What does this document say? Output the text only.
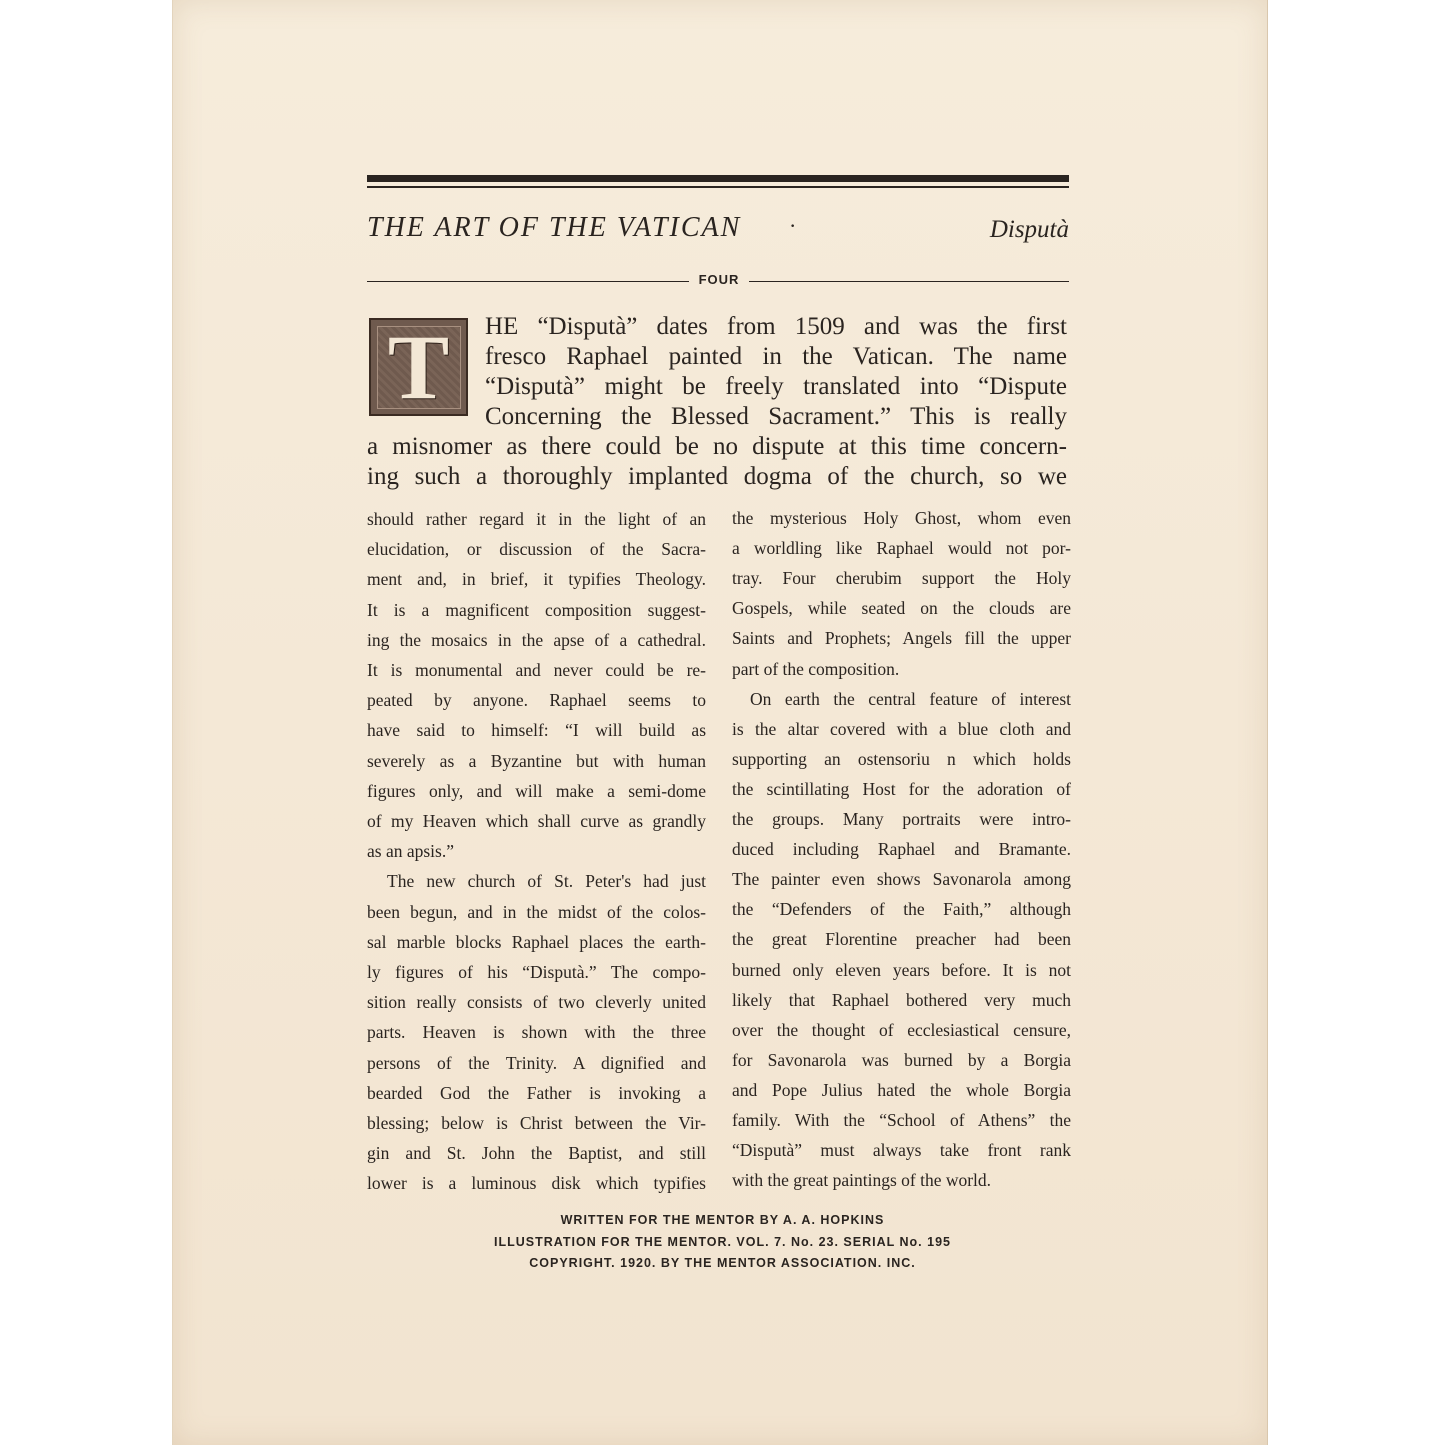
THE ART OF THE VATICAN ·	Disputà
FOUR
T HE “Disputà” dates from 1509 and was the first
fresco Raphael painted in the Vatican. The name
“Disputà” might be freely translated into “Dispute
Concerning the Blessed Sacrament.” This is really
a misnomer as there could be no dispute at this time concern-
ing such a thoroughly implanted dogma of the church, so we
should rather regard it in the light of an
elucidation, or discussion of the Sacra-
ment and, in brief, it typifies Theology.
It is a magnificent composition suggest-
ing the mosaics in the apse of a cathedral.
It is monumental and never could be re-
peated by anyone. Raphael seems to
have said to himself: “I will build as
severely as a Byzantine but with human
figures only, and will make a semi-dome
of my Heaven which shall curve as grandly
as an apsis.”
The new church of St. Peter's had just
been begun, and in the midst of the colos-
sal marble blocks Raphael places the earth-
ly figures of his “Disputà.” The compo-
sition really consists of two cleverly united
parts. Heaven is shown with the three
persons of the Trinity. A dignified and
bearded God the Father is invoking a
blessing; below is Christ between the Vir-
gin and St. John the Baptist, and still
lower is a luminous disk which typifies
the mysterious Holy Ghost, whom even
a worldling like Raphael would not por-
tray. Four cherubim support the Holy
Gospels, while seated on the clouds are
Saints and Prophets; Angels fill the upper
part of the composition.
On earth the central feature of interest
is the altar covered with a blue cloth and
supporting an ostensoriu n which holds
the scintillating Host for the adoration of
the groups. Many portraits were intro-
duced including Raphael and Bramante.
The painter even shows Savonarola among
the “Defenders of the Faith,” although
the great Florentine preacher had been
burned only eleven years before. It is not
likely that Raphael bothered very much
over the thought of ecclesiastical censure,
for Savonarola was burned by a Borgia
and Pope Julius hated the whole Borgia
family. With the “School of Athens” the
“Disputà” must always take front rank
with the great paintings of the world.
WRITTEN FOR THE MENTOR BY A. A. HOPKINS
ILLUSTRATION FOR THE MENTOR. VOL. 7. No. 23. SERIAL No. 195
COPYRIGHT. 1920. BY THE MENTOR ASSOCIATION. INC.
